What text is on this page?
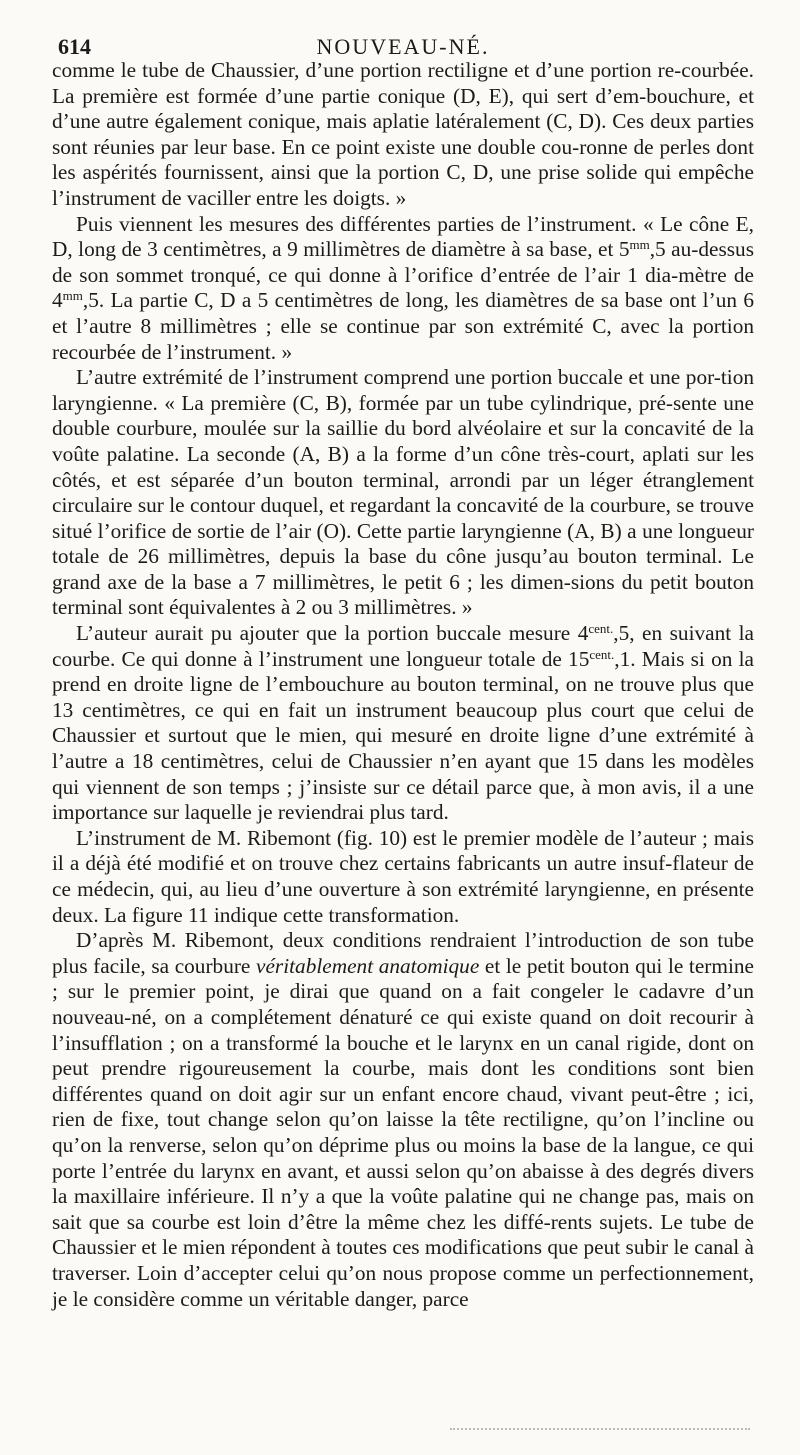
614	NOUVEAU-NÉ.

comme le tube de Chaussier, d’une portion rectiligne et d’une portion re-courbée. La première est formée d’une partie conique (D, E), qui sert d’em-bouchure, et d’une autre également conique, mais aplatie latéralement (C, D). Ces deux parties sont réunies par leur base. En ce point existe une double cou-ronne de perles dont les aspérités fournissent, ainsi que la portion C, D, une prise solide qui empêche l’instrument de vaciller entre les doigts. »

Puis viennent les mesures des différentes parties de l’instrument. « Le cône E, D, long de 3 centimètres, a 9 millimètres de diamètre à sa base, et $5^{mm},5$ au-dessus de son sommet tronqué, ce qui donne à l’orifice d’entrée de l’air 1 dia-mètre de $4^{mm},5$. La partie C, D a 5 centimètres de long, les diamètres de sa base ont l’un 6 et l’autre 8 millimètres ; elle se continue par son extrémité C, avec la portion recourbée de l’instrument. »

L’autre extrémité de l’instrument comprend une portion buccale et une por-tion laryngienne. « La première (C, B), formée par un tube cylindrique, pré-sente une double courbure, moulée sur la saillie du bord alvéolaire et sur la concavité de la voûte palatine. La seconde (A, B) a la forme d’un cône très-court, aplati sur les côtés, et est séparée d’un bouton terminal, arrondi par un léger étranglement circulaire sur le contour duquel, et regardant la concavité de la courbure, se trouve situé l’orifice de sortie de l’air (O). Cette partie laryngienne (A, B) a une longueur totale de 26 millimètres, depuis la base du cône jusqu’au bouton terminal. Le grand axe de la base a 7 millimètres, le petit 6 ; les dimen-sions du petit bouton terminal sont équivalentes à 2 ou 3 millimètres. »

L’auteur aurait pu ajouter que la portion buccale mesure $4^{cent.},5$, en suivant la courbe. Ce qui donne à l’instrument une longueur totale de $15^{cent.},1$. Mais si on la prend en droite ligne de l’embouchure au bouton terminal, on ne trouve plus que 13 centimètres, ce qui en fait un instrument beaucoup plus court que celui de Chaussier et surtout que le mien, qui mesuré en droite ligne d’une extrémité à l’autre a 18 centimètres, celui de Chaussier n’en ayant que 15 dans les modèles qui viennent de son temps ; j’insiste sur ce détail parce que, à mon avis, il a une importance sur laquelle je reviendrai plus tard.

L’instrument de M. Ribemont (fig. 10) est le premier modèle de l’auteur ; mais il a déjà été modifié et on trouve chez certains fabricants un autre insuf-flateur de ce médecin, qui, au lieu d’une ouverture à son extrémité laryngienne, en présente deux. La figure 11 indique cette transformation.

D’après M. Ribemont, deux conditions rendraient l’introduction de son tube plus facile, sa courbure véritablement anatomique et le petit bouton qui le termine ; sur le premier point, je dirai que quand on a fait congeler le cadavre d’un nouveau-né, on a complétement dénaturé ce qui existe quand on doit recourir à l’insufflation ; on a transformé la bouche et le larynx en un canal rigide, dont on peut prendre rigoureusement la courbe, mais dont les conditions sont bien différentes quand on doit agir sur un enfant encore chaud, vivant peut-être ; ici, rien de fixe, tout change selon qu’on laisse la tête rectiligne, qu’on l’incline ou qu’on la renverse, selon qu’on déprime plus ou moins la base de la langue, ce qui porte l’entrée du larynx en avant, et aussi selon qu’on abaisse à des degrés divers la maxillaire inférieure. Il n’y a que la voûte palatine qui ne change pas, mais on sait que sa courbe est loin d’être la même chez les diffé-rents sujets. Le tube de Chaussier et le mien répondent à toutes ces modifications que peut subir le canal à traverser. Loin d’accepter celui qu’on nous propose comme un perfectionnement, je le considère comme un véritable danger, parce
